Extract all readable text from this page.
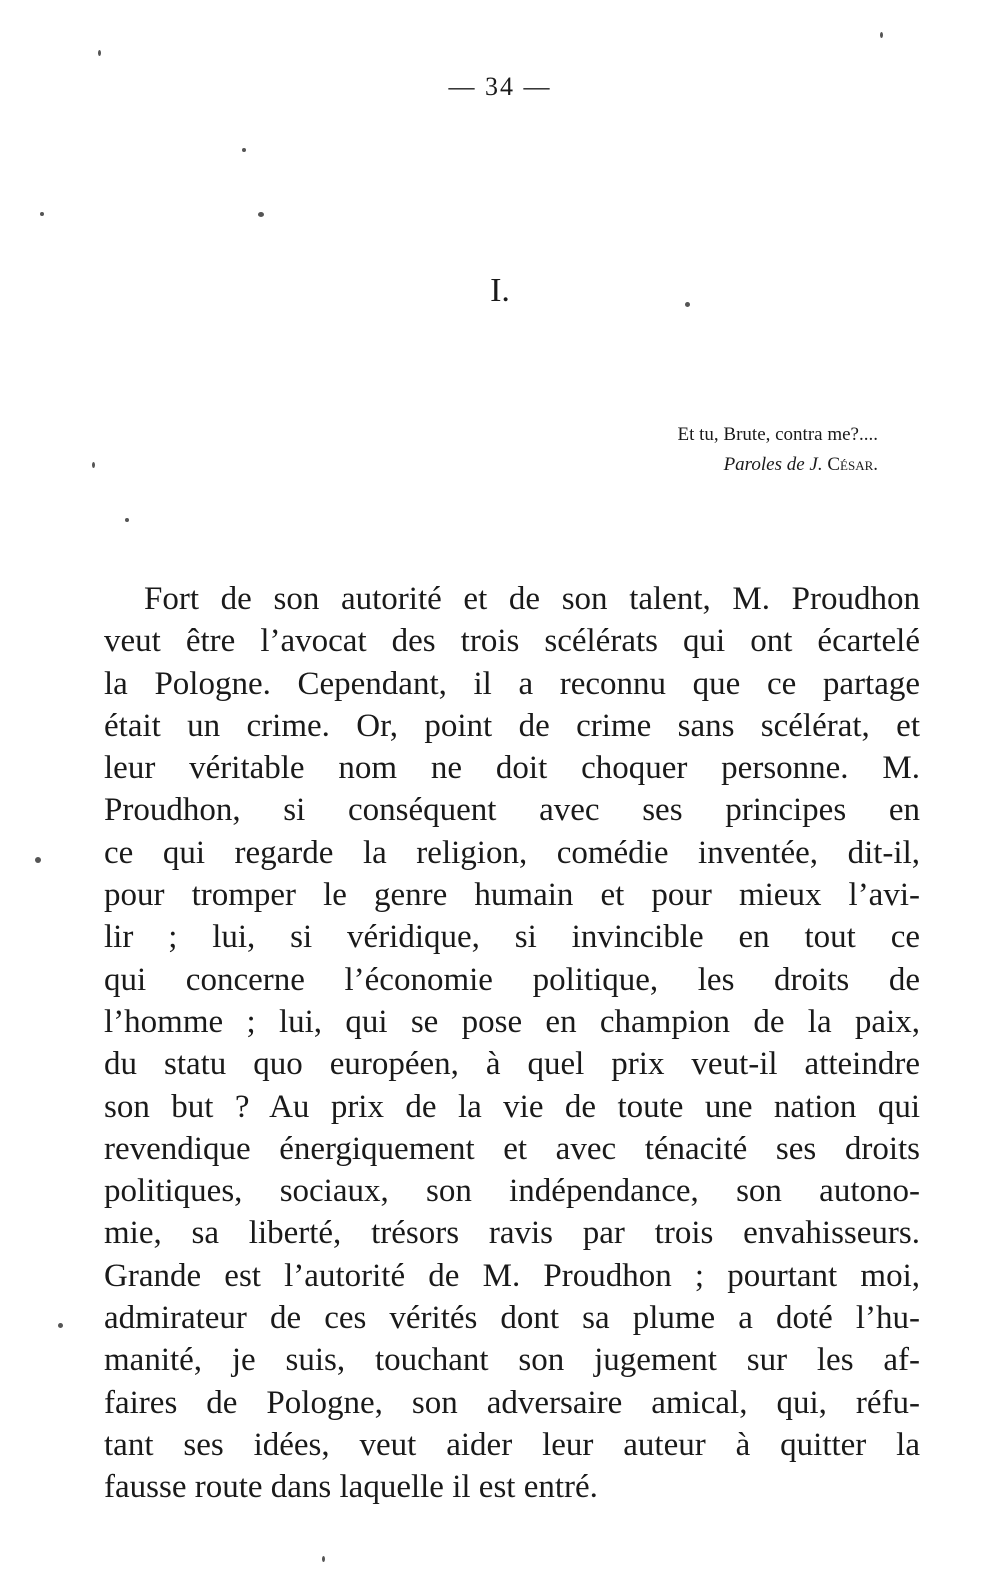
— 34 —
I.
Et tu, Brute, contra me?....
Paroles de J. César.
Fort de son autorité et de son talent, M. Proudhon
veut être l’avocat des trois scélérats qui ont écartelé
la Pologne. Cependant, il a reconnu que ce partage
était un crime. Or, point de crime sans scélérat, et
leur véritable nom ne doit choquer personne. M.
Proudhon, si conséquent avec ses principes en
ce qui regarde la religion, comédie inventée, dit-il,
pour tromper le genre humain et pour mieux l’avi-
lir ; lui, si véridique, si invincible en tout ce
qui concerne l’économie politique, les droits de
l’homme ; lui, qui se pose en champion de la paix,
du statu quo européen, à quel prix veut-il atteindre
son but ? Au prix de la vie de toute une nation qui
revendique énergiquement et avec ténacité ses droits
politiques, sociaux, son indépendance, son autono-
mie, sa liberté, trésors ravis par trois envahisseurs.
Grande est l’autorité de M. Proudhon ; pourtant moi,
admirateur de ces vérités dont sa plume a doté l’hu-
manité, je suis, touchant son jugement sur les af-
faires de Pologne, son adversaire amical, qui, réfu-
tant ses idées, veut aider leur auteur à quitter la
fausse route dans laquelle il est entré.
